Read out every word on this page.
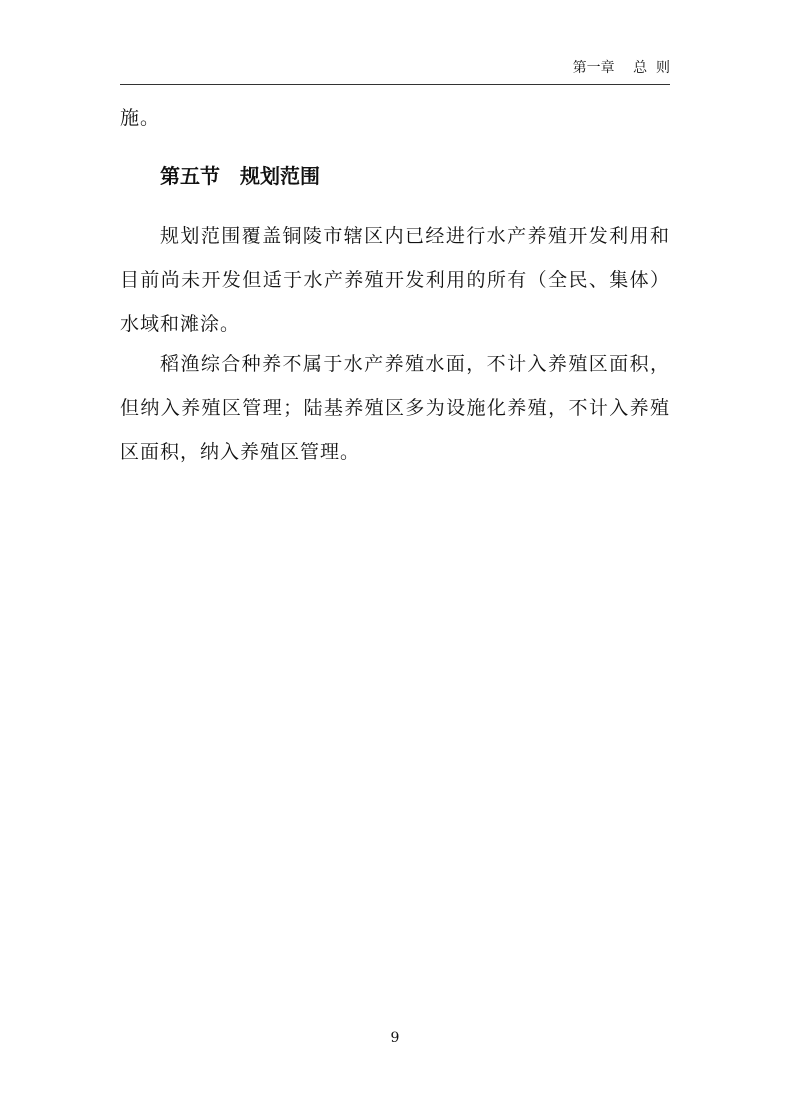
第一章　 总  则

施。

第五节　规划范围

规划范围覆盖铜陵市辖区内已经进行水产养殖开发利用和目前尚未开发但适于水产养殖开发利用的所有（全民、集体）水域和滩涂。

稻渔综合种养不属于水产养殖水面，不计入养殖区面积，但纳入养殖区管理；陆基养殖区多为设施化养殖，不计入养殖区面积，纳入养殖区管理。

9
